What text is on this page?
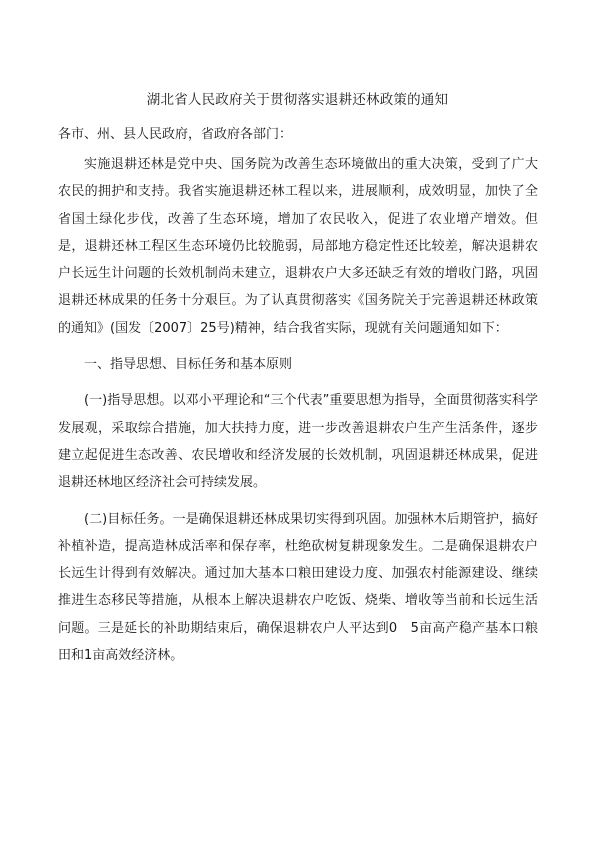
湖北省人民政府关于贯彻落实退耕还林政策的通知
各市、州、县人民政府，省政府各部门：

实施退耕还林是党中央、国务院为改善生态环境做出的重大决策，受到了广大农民的拥护和支持。我省实施退耕还林工程以来，进展顺利，成效明显，加快了全省国土绿化步伐，改善了生态环境，增加了农民收入，促进了农业增产增效。但是，退耕还林工程区生态环境仍比较脆弱，局部地方稳定性还比较差，解决退耕农户长远生计问题的长效机制尚未建立，退耕农户大多还缺乏有效的增收门路，巩固退耕还林成果的任务十分艰巨。为了认真贯彻落实《国务院关于完善退耕还林政策的通知》(国发〔2007〕25号)精神，结合我省实际，现就有关问题通知如下：

一、指导思想、目标任务和基本原则

(一)指导思想。以邓小平理论和“三个代表”重要思想为指导，全面贯彻落实科学发展观，采取综合措施，加大扶持力度，进一步改善退耕农户生产生活条件，逐步建立起促进生态改善、农民增收和经济发展的长效机制，巩固退耕还林成果，促进退耕还林地区经济社会可持续发展。

(二)目标任务。一是确保退耕还林成果切实得到巩固。加强林木后期管护，搞好补植补造，提高造林成活率和保存率，杜绝砍树复耕现象发生。二是确保退耕农户长远生计得到有效解决。通过加大基本口粮田建设力度、加强农村能源建设、继续推进生态移民等措施，从根本上解决退耕农户吃饭、烧柴、增收等当前和长远生活问题。三是延长的补助期结束后，确保退耕农户人平达到0　5亩高产稳产基本口粮田和1亩高效经济林。
